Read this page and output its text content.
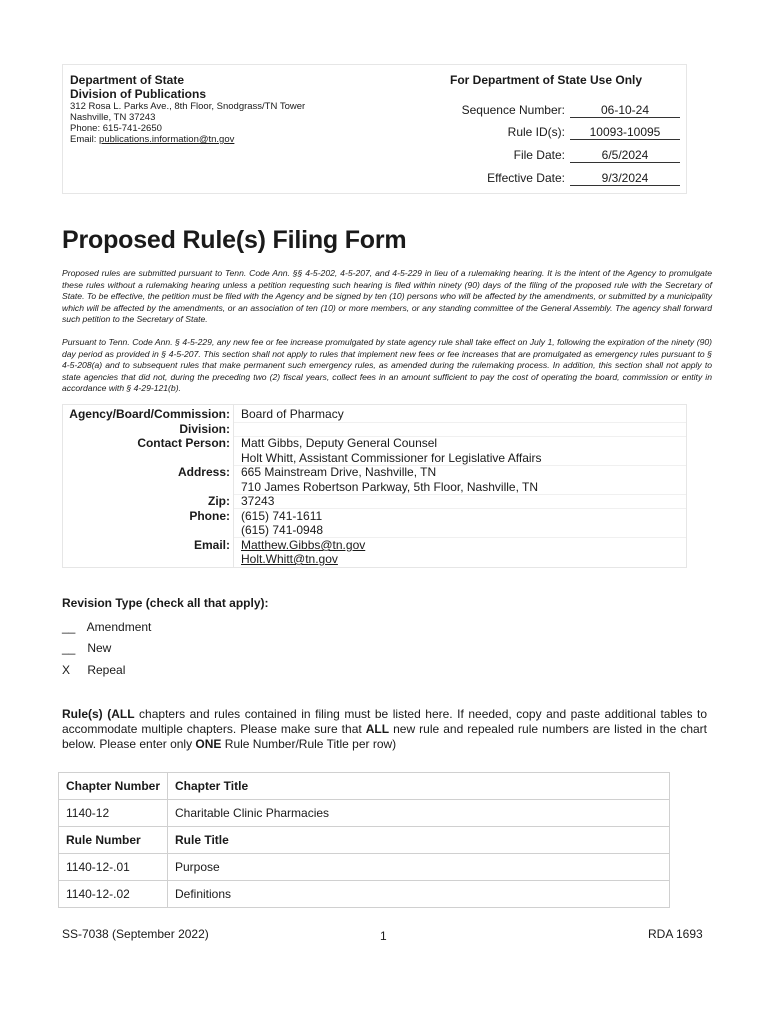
Department of State
Division of Publications
312 Rosa L. Parks Ave., 8th Floor, Snodgrass/TN Tower
Nashville, TN 37243
Phone: 615-741-2650
Email: publications.information@tn.gov
For Department of State Use Only
Sequence Number:	06-10-24
Rule ID(s):	10093-10095
File Date:	6/5/2024
Effective Date:	9/3/2024
Proposed Rule(s) Filing Form
Proposed rules are submitted pursuant to Tenn. Code Ann. §§ 4-5-202, 4-5-207, and 4-5-229 in lieu of a rulemaking hearing. It is the intent of the Agency to promulgate these rules without a rulemaking hearing unless a petition requesting such hearing is filed within ninety (90) days of the filing of the proposed rule with the Secretary of State. To be effective, the petition must be filed with the Agency and be signed by ten (10) persons who will be affected by the amendments, or submitted by a municipality which will be affected by the amendments, or an association of ten (10) or more members, or any standing committee of the General Assembly. The agency shall forward such petition to the Secretary of State.
Pursuant to Tenn. Code Ann. § 4-5-229, any new fee or fee increase promulgated by state agency rule shall take effect on July 1, following the expiration of the ninety (90) day period as provided in § 4-5-207. This section shall not apply to rules that implement new fees or fee increases that are promulgated as emergency rules pursuant to § 4-5-208(a) and to subsequent rules that make permanent such emergency rules, as amended during the rulemaking process. In addition, this section shall not apply to state agencies that did not, during the preceding two (2) fiscal years, collect fees in an amount sufficient to pay the cost of operating the board, commission or entity in accordance with § 4-29-121(b).
Agency/Board/Commission: Board of Pharmacy
Division:
Contact Person: Matt Gibbs, Deputy General Counsel
Holt Whitt, Assistant Commissioner for Legislative Affairs
Address: 665 Mainstream Drive, Nashville, TN
710 James Robertson Parkway, 5th Floor, Nashville, TN
Zip: 37243
Phone: (615) 741-1611
(615) 741-0948
Email: Matthew.Gibbs@tn.gov
Holt.Whitt@tn.gov
Revision Type (check all that apply):
__ Amendment
__ New
X Repeal
Rule(s) (ALL chapters and rules contained in filing must be listed here. If needed, copy and paste additional tables to accommodate multiple chapters. Please make sure that ALL new rule and repealed rule numbers are listed in the chart below. Please enter only ONE Rule Number/Rule Title per row)
Chapter Number	Chapter Title
1140-12	Charitable Clinic Pharmacies
Rule Number	Rule Title
1140-12-.01	Purpose
1140-12-.02	Definitions
SS-7038 (September 2022)	1	RDA 1693
